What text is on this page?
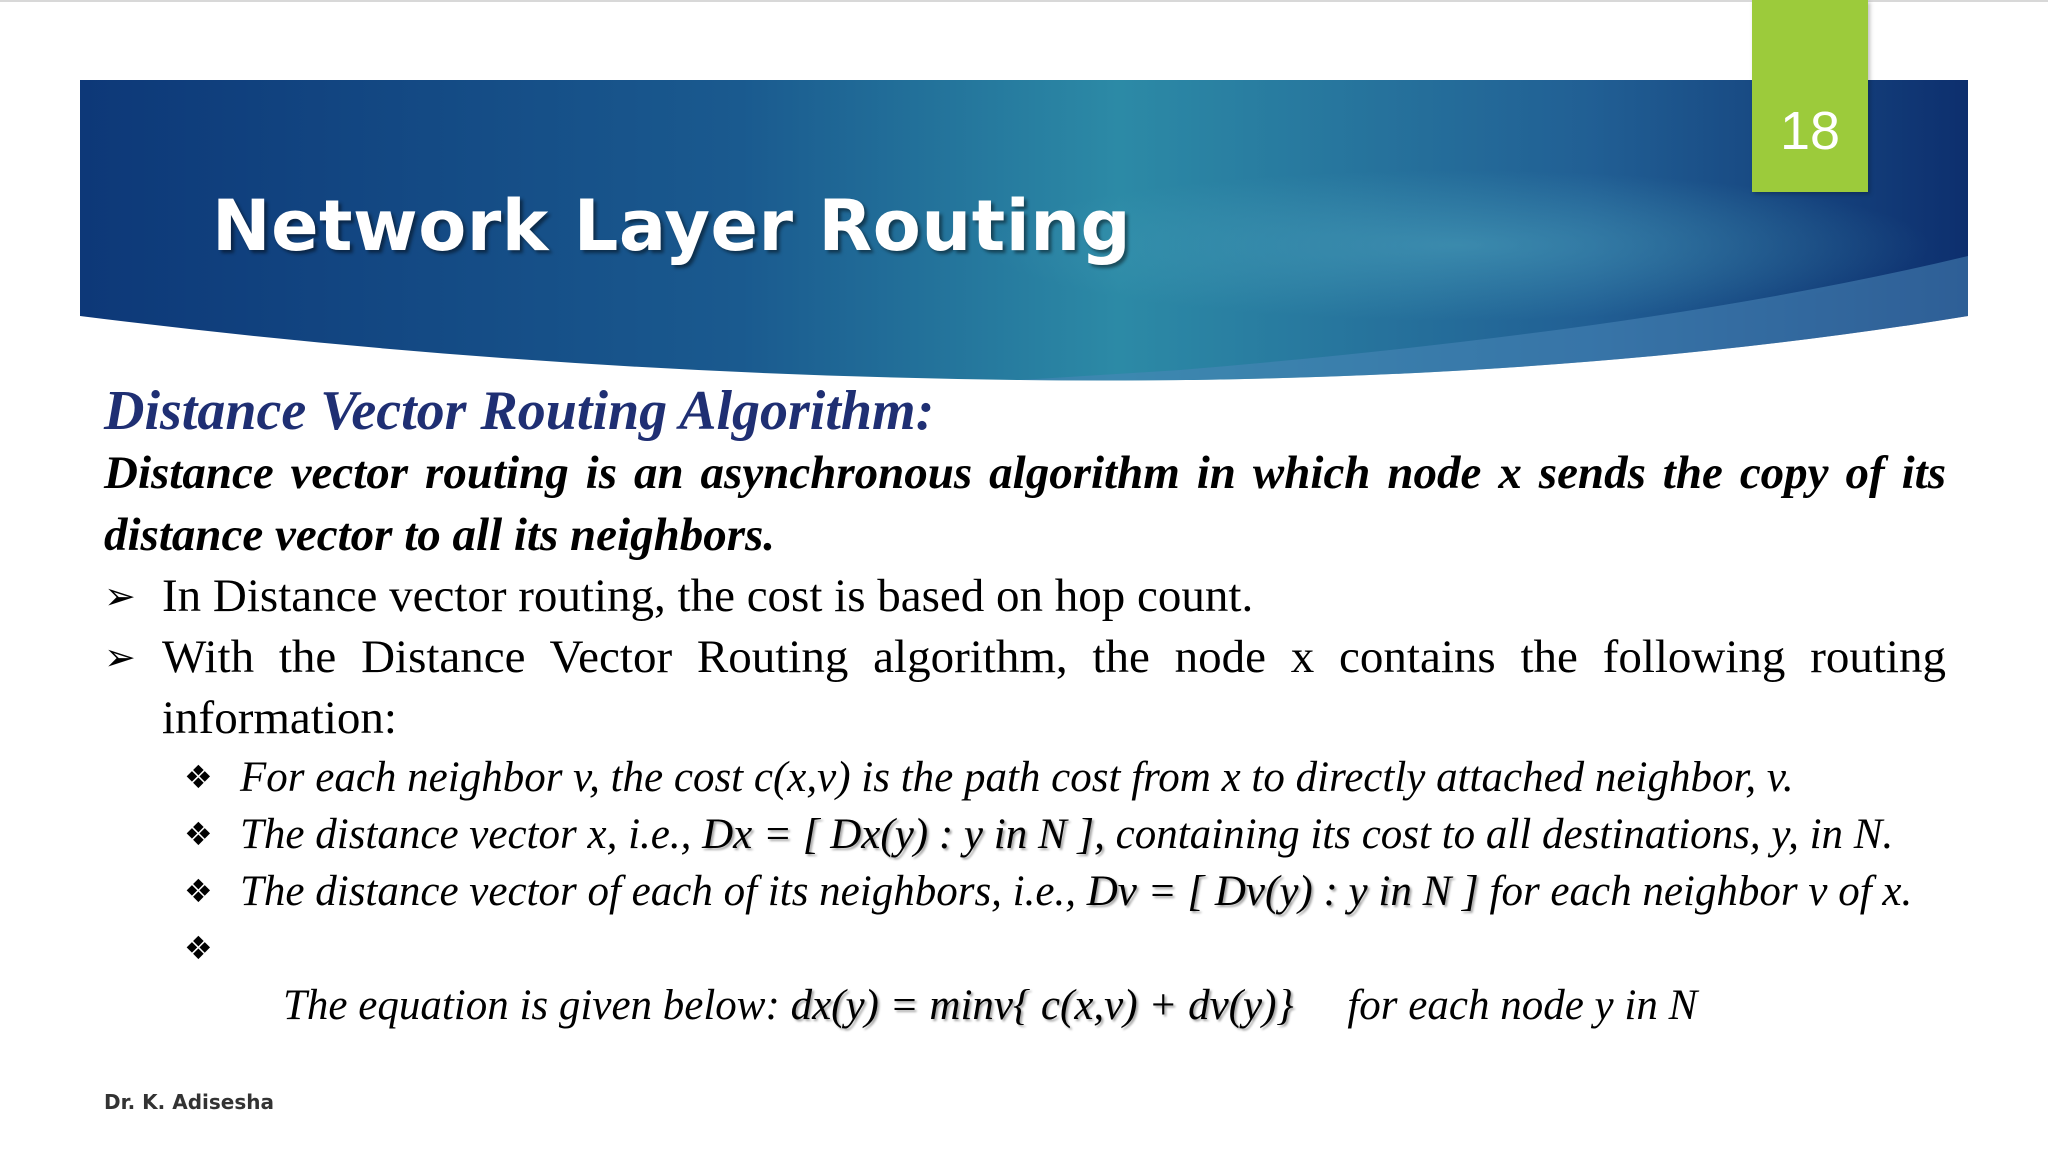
18
Network Layer Routing

Distance Vector Routing Algorithm:

Distance vector routing is an asynchronous algorithm in which node x sends the copy of its distance vector to all its neighbors.

➢ In Distance vector routing, the cost is based on hop count.

➢ With the Distance Vector Routing algorithm, the node x contains the following routing information:

❖ For each neighbor v, the cost c(x,v) is the path cost from x to directly attached neighbor, v.

❖ The distance vector x, i.e., Dx = [ Dx(y) : y in N ], containing its cost to all destinations, y, in N.

❖ The distance vector of each of its neighbors, i.e., Dv = [ Dv(y) : y in N ] for each neighbor v of x.

❖
The equation is given below: dx(y) = minv{ c(x,v) + dv(y)}     for each node y in N

Dr. K. Adisesha
